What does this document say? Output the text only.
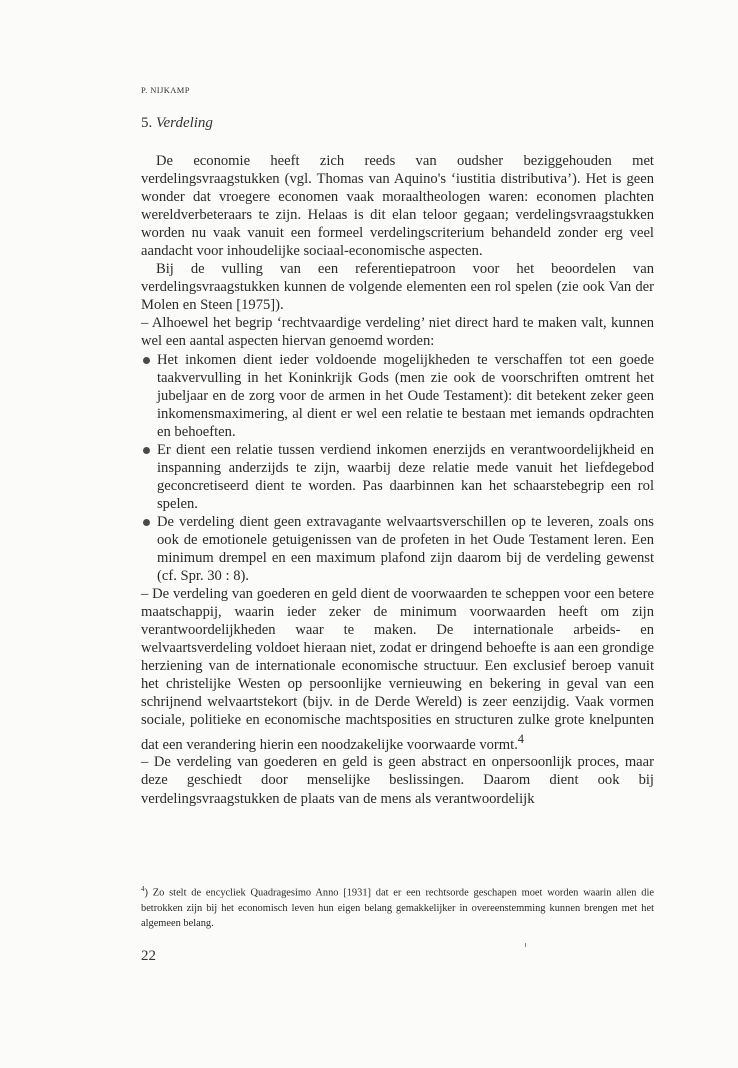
P. NIJKAMP
5. Verdeling

De economie heeft zich reeds van oudsher beziggehouden met verdelingsvraagstukken (vgl. Thomas van Aquino's ‘iustitia distributiva’). Het is geen wonder dat vroegere economen vaak moraaltheologen waren: economen plachten wereldverbeteraars te zijn. Helaas is dit elan teloor gegaan; verdelingsvraagstukken worden nu vaak vanuit een formeel verdelingscriterium behandeld zonder erg veel aandacht voor inhoudelijke sociaal-economische aspecten.

Bij de vulling van een referentiepatroon voor het beoordelen van verdelingsvraagstukken kunnen de volgende elementen een rol spelen (zie ook Van der Molen en Steen [1975]).

– Alhoewel het begrip ‘rechtvaardige verdeling’ niet direct hard te maken valt, kunnen wel een aantal aspecten hiervan genoemd worden:

Het inkomen dient ieder voldoende mogelijkheden te verschaffen tot een goede taakvervulling in het Koninkrijk Gods (men zie ook de voorschriften omtrent het jubeljaar en de zorg voor de armen in het Oude Testament): dit betekent zeker geen inkomensmaximering, al dient er wel een relatie te bestaan met iemands opdrachten en behoeften.

Er dient een relatie tussen verdiend inkomen enerzijds en verantwoordelijkheid en inspanning anderzijds te zijn, waarbij deze relatie mede vanuit het liefdegebod geconcretiseerd dient te worden. Pas daarbinnen kan het schaarstebegrip een rol spelen.

De verdeling dient geen extravagante welvaartsverschillen op te leveren, zoals ons ook de emotionele getuigenissen van de profeten in het Oude Testament leren. Een minimum drempel en een maximum plafond zijn daarom bij de verdeling gewenst (cf. Spr. 30 : 8).

– De verdeling van goederen en geld dient de voorwaarden te scheppen voor een betere maatschappij, waarin ieder zeker de minimum voorwaarden heeft om zijn verantwoordelijkheden waar te maken. De internationale arbeids- en welvaartsverdeling voldoet hieraan niet, zodat er dringend behoefte is aan een grondige herziening van de internationale economische structuur. Een exclusief beroep vanuit het christelijke Westen op persoonlijke vernieuwing en bekering in geval van een schrijnend welvaartstekort (bijv. in de Derde Wereld) is zeer eenzijdig. Vaak vormen sociale, politieke en economische machtsposities en structuren zulke grote knelpunten dat een verandering hierin een noodzakelijke voorwaarde vormt.$^4$

– De verdeling van goederen en geld is geen abstract en onpersoonlijk proces, maar deze geschiedt door menselijke beslissingen. Daarom dient ook bij verdelingsvraagstukken de plaats van de mens als verantwoordelijk

$^4$) Zo stelt de encycliek Quadragesimo Anno [1931] dat er een rechtsorde geschapen moet worden waarin allen die betrokken zijn bij het economisch leven hun eigen belang gemakkelijker in overeenstemming kunnen brengen met het algemeen belang.

22
